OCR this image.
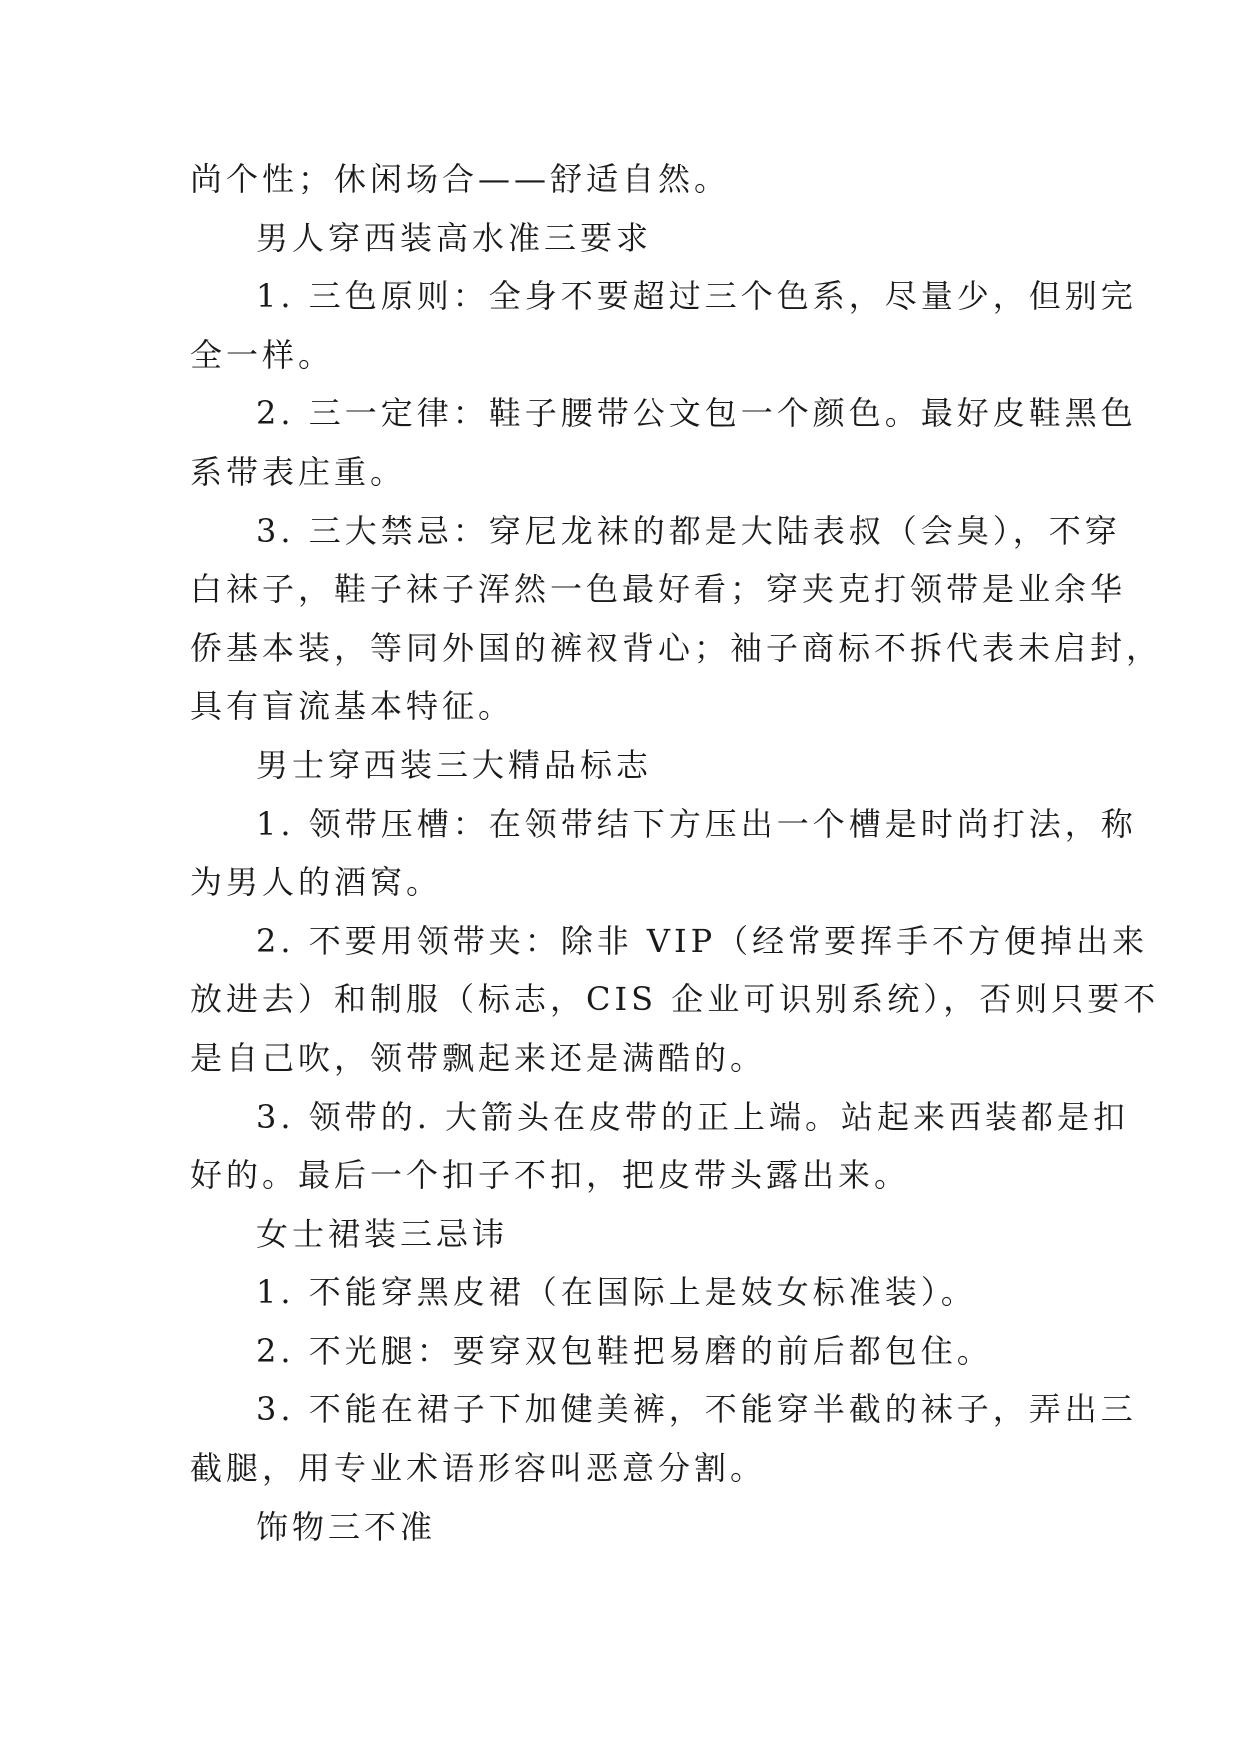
尚个性；休闲场合——舒适自然。

男人穿西装高水准三要求

1. 三色原则：全身不要超过三个色系，尽量少，但别完

全一样。

2. 三一定律：鞋子腰带公文包一个颜色。最好皮鞋黑色

系带表庄重。

3. 三大禁忌：穿尼龙袜的都是大陆表叔（会臭），不穿

白袜子，鞋子袜子浑然一色最好看；穿夹克打领带是业余华

侨基本装，等同外国的裤衩背心；袖子商标不拆代表未启封，

具有盲流基本特征。

男士穿西装三大精品标志

1. 领带压槽：在领带结下方压出一个槽是时尚打法，称

为男人的酒窝。

2. 不要用领带夹：除非 VIP（经常要挥手不方便掉出来

放进去）和制服（标志，CIS 企业可识别系统），否则只要不

是自己吹，领带飘起来还是满酷的。

3. 领带的. 大箭头在皮带的正上端。站起来西装都是扣

好的。最后一个扣子不扣，把皮带头露出来。

女士裙装三忌讳

1. 不能穿黑皮裙（在国际上是妓女标准装）。

2. 不光腿：要穿双包鞋把易磨的前后都包住。

3. 不能在裙子下加健美裤，不能穿半截的袜子，弄出三

截腿，用专业术语形容叫恶意分割。

饰物三不准
